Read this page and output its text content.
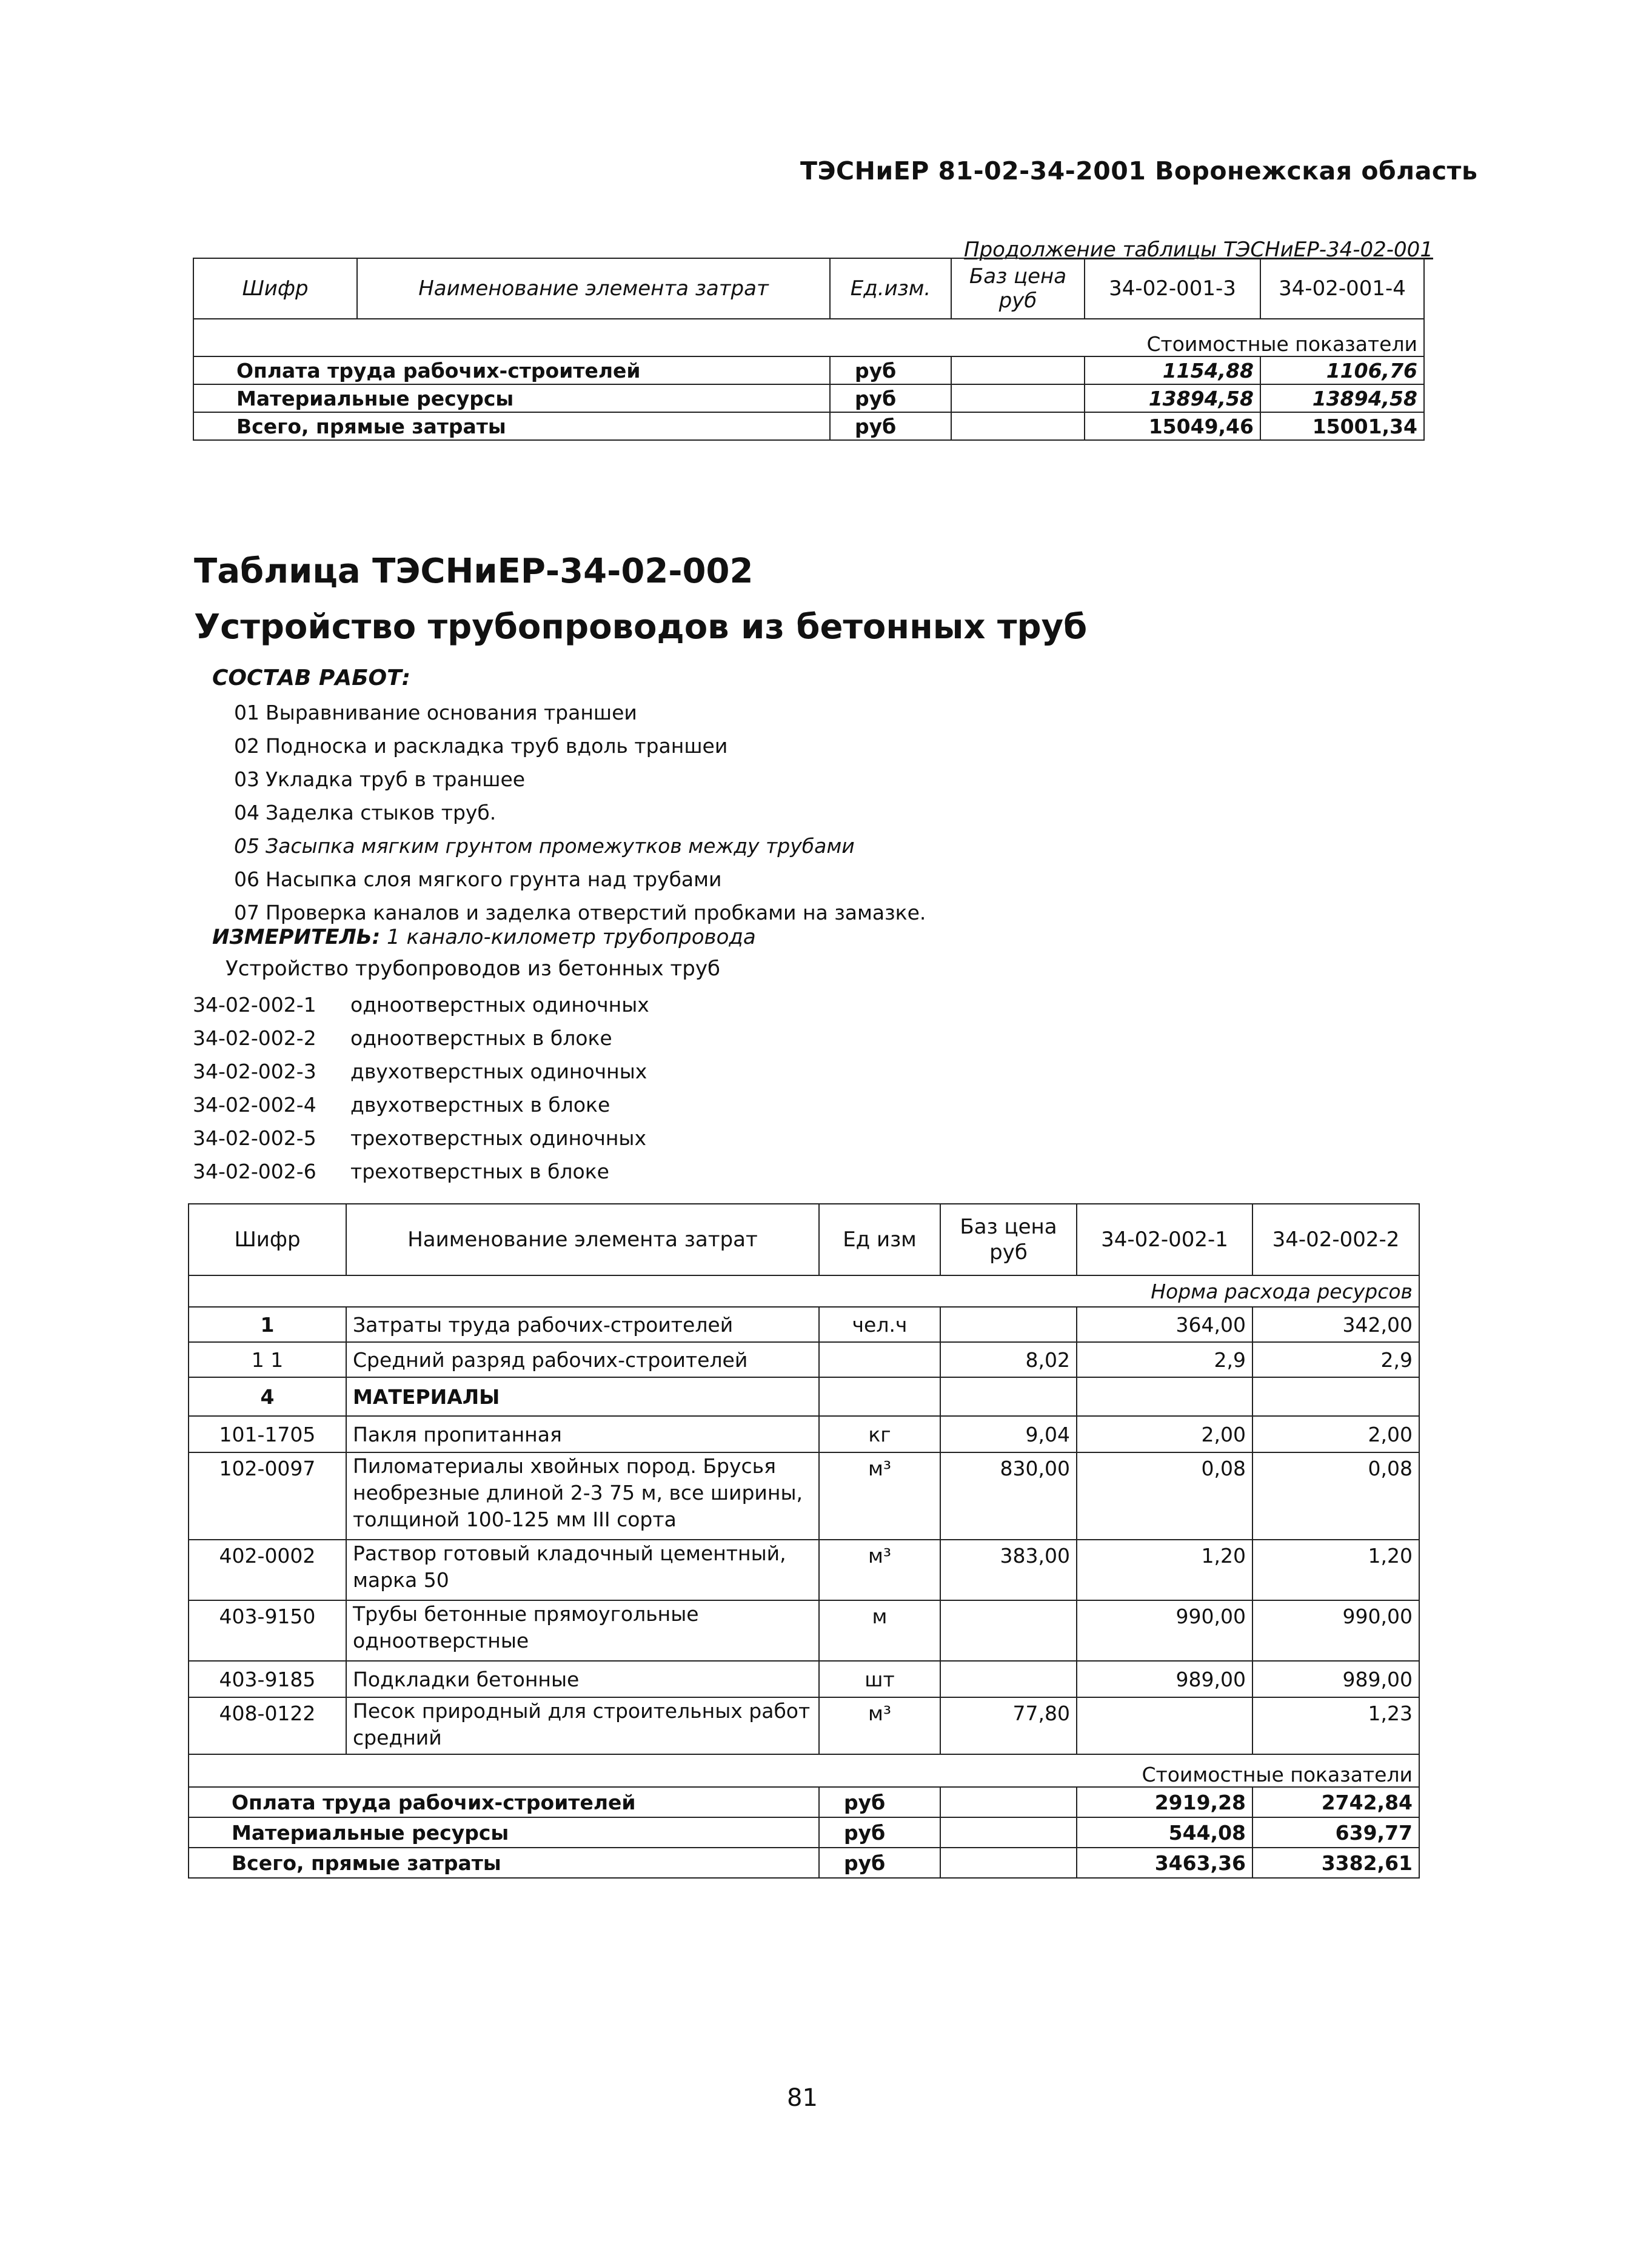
ТЭСНиЕР 81-02-34-2001 Воронежская область
Продолжение таблицы ТЭСНиЕР-34-02-001
Шифр	Наименование элемента затрат	Ед.изм.	Баз цена руб	34-02-001-3	34-02-001-4
Стоимостные показатели					
Оплата труда рабочих-строителей		руб		1154,88	1106,76
Материальные ресурсы		руб		13894,58	13894,58
Всего, прямые затраты		руб		15049,46	15001,34
Таблица ТЭСНиЕР-34-02-002
Устройство трубопроводов из бетонных труб
СОСТАВ РАБОТ:
01 Выравнивание основания траншеи
02 Подноска и раскладка труб вдоль траншеи
03 Укладка труб в траншее
04 Заделка стыков труб.
05 Засыпка мягким грунтом промежутков между трубами
06 Насыпка слоя мягкого грунта над трубами
07 Проверка каналов и заделка отверстий пробками на замазке.
ИЗМЕРИТЕЛЬ: 1 канало-километр трубопровода
Устройство трубопроводов из бетонных труб
34-02-002-1 одноотверстных одиночных
34-02-002-2 одноотверстных в блоке
34-02-002-3 двухотверстных одиночных
34-02-002-4 двухотверстных в блоке
34-02-002-5 трехотверстных одиночных
34-02-002-6 трехотверстных в блоке
Шифр	Наименование элемента затрат	Ед изм	Баз цена руб	34-02-002-1	34-02-002-2
Норма расхода ресурсов					
1	Затраты труда рабочих-строителей	чел.ч		364,00	342,00
1 1	Средний разряд рабочих-строителей		8,02	2,9	2,9
4	МАТЕРИАЛЫ				
101-1705	Пакля пропитанная	кг	9,04	2,00	2,00
102-0097	Пиломатериалы хвойных пород. Брусья необрезные длиной 2-3 75 м, все ширины, толщиной 100-125 мм III сорта	м³	830,00	0,08	0,08
402-0002	Раствор готовый кладочный цементный, марка 50	м³	383,00	1,20	1,20
403-9150	Трубы бетонные прямоугольные одноотверстные	м		990,00	990,00
403-9185	Подкладки бетонные	шт		989,00	989,00
408-0122	Песок природный для строительных работ средний	м³	77,80		1,23
Стоимостные показатели					
Оплата труда рабочих-строителей		руб		2919,28	2742,84
Материальные ресурсы		руб		544,08	639,77
Всего, прямые затраты		руб		3463,36	3382,61
81
